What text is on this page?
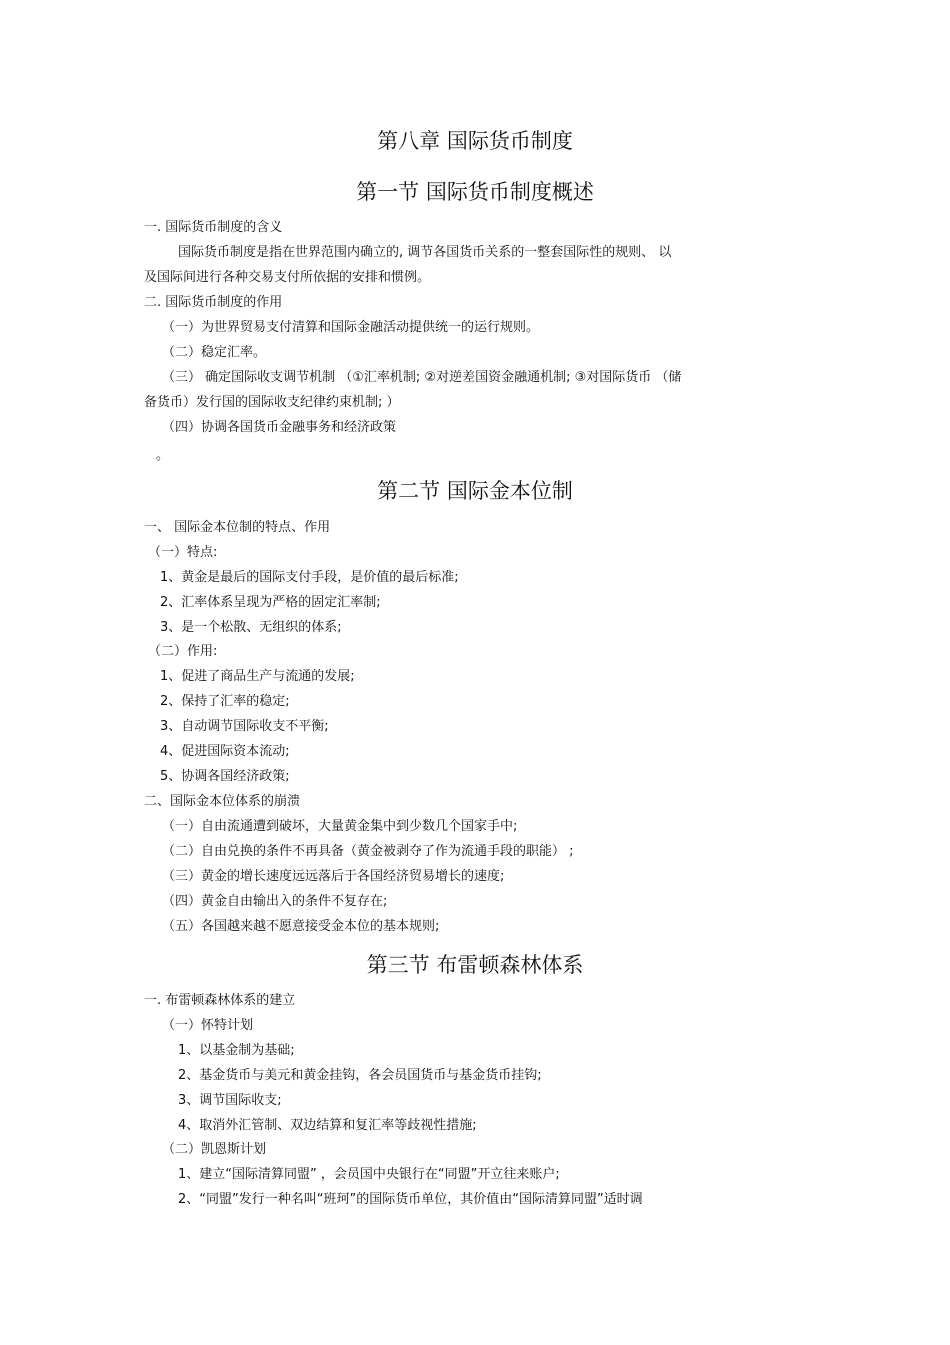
第八章 国际货币制度
第一节 国际货币制度概述
一. 国际货币制度的含义
国际货币制度是指在世界范围内确立的, 调节各国货币关系的一整套国际性的规则、 以
及国际间进行各种交易支付所依据的安排和惯例。
二. 国际货币制度的作用
（一）为世界贸易支付清算和国际金融活动提供统一的运行规则。
（二）稳定汇率。
（三） 确定国际收支调节机制 （①汇率机制; ②对逆差国资金融通机制; ③对国际货币 （储
备货币）发行国的国际收支纪律约束机制; ）
（四）协调各国货币金融事务和经济政策
。
第二节 国际金本位制
一、 国际金本位制的特点、作用
（一）特点:
1、黄金是最后的国际支付手段，是价值的最后标准;
2、汇率体系呈现为严格的固定汇率制;
3、是一个松散、无组织的体系;
（二）作用:
1、促进了商品生产与流通的发展;
2、保持了汇率的稳定;
3、自动调节国际收支不平衡;
4、促进国际资本流动;
5、协调各国经济政策;
二、国际金本位体系的崩溃
（一）自由流通遭到破坏，大量黄金集中到少数几个国家手中;
（二）自由兑换的条件不再具备（黄金被剥夺了作为流通手段的职能） ;
（三）黄金的增长速度远远落后于各国经济贸易增长的速度;
（四）黄金自由输出入的条件不复存在;
（五）各国越来越不愿意接受金本位的基本规则;
第三节 布雷顿森林体系
一. 布雷顿森林体系的建立
（一）怀特计划
1、以基金制为基础;
2、基金货币与美元和黄金挂钩，各会员国货币与基金货币挂钩;
3、调节国际收支;
4、取消外汇管制、双边结算和复汇率等歧视性措施;
（二）凯恩斯计划
1、建立“国际清算同盟” ，会员国中央银行在“同盟”开立往来账户;
2、“同盟”发行一种名叫“班珂”的国际货币单位，其价值由“国际清算同盟”适时调
